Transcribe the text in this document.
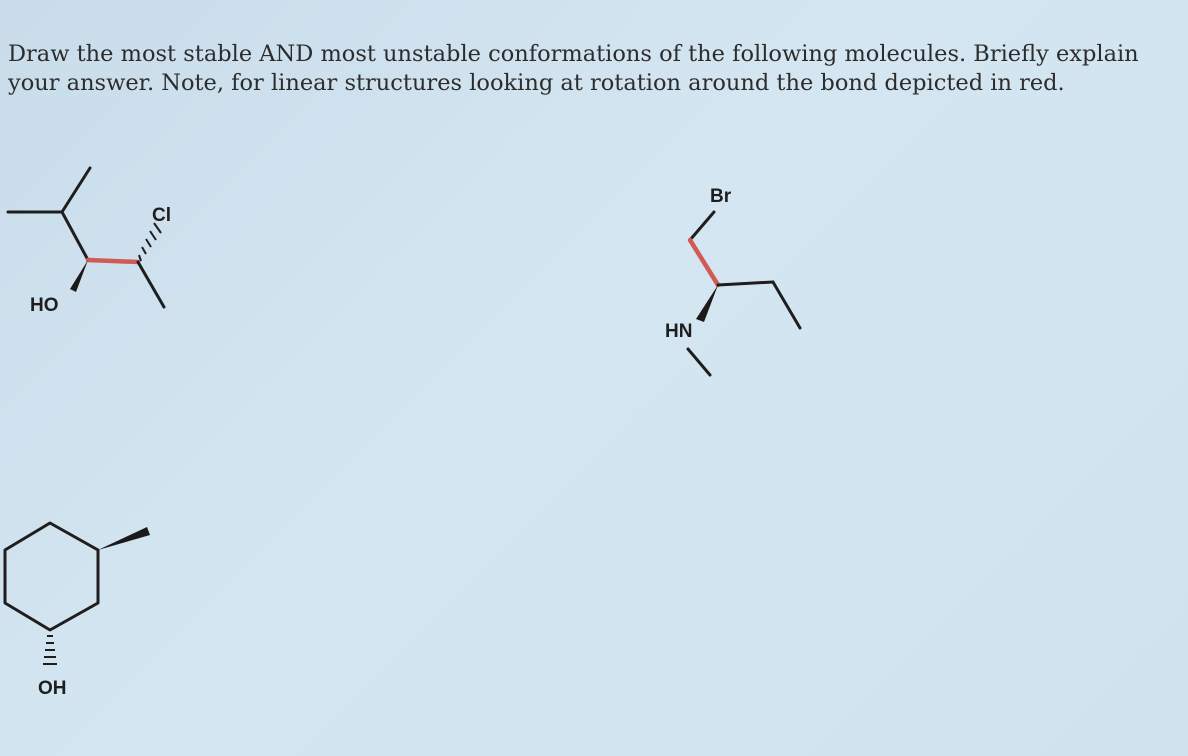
Draw the most stable AND most unstable conformations of the following molecules. Briefly explain your answer. Note, for linear structures looking at rotation around the bond depicted in red.

HO
Cl
Br
HN
OH
